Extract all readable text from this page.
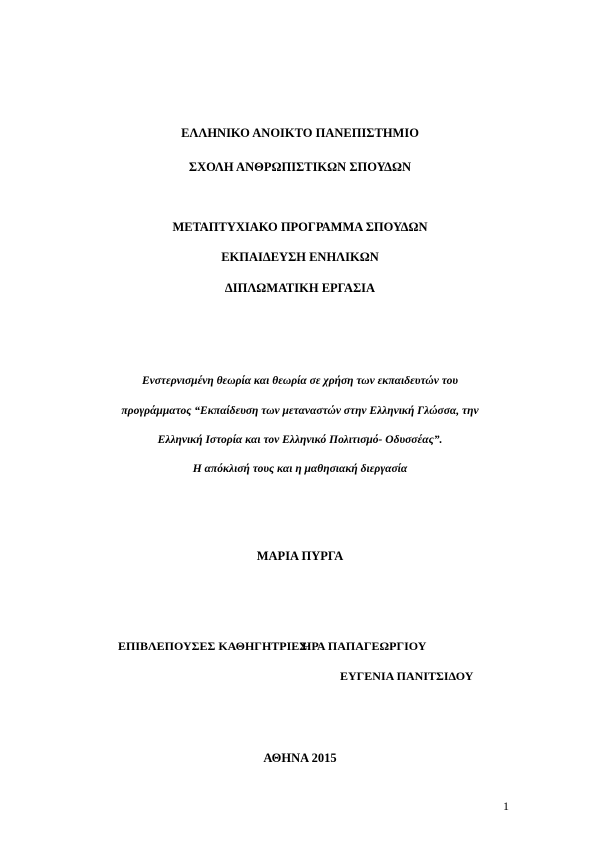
ΕΛΛΗΝΙΚΟ ΑΝΟΙΚΤΟ ΠΑΝΕΠΙΣΤΗΜΙΟ
ΣΧΟΛΗ ΑΝΘΡΩΠΙΣΤΙΚΩΝ ΣΠΟΥΔΩΝ
ΜΕΤΑΠΤΥΧΙΑΚΟ ΠΡΟΓΡΑΜΜΑ ΣΠΟΥΔΩΝ
ΕΚΠΑΙΔΕΥΣΗ ΕΝΗΛΙΚΩΝ
ΔΙΠΛΩΜΑΤΙΚΗ ΕΡΓΑΣΙΑ
Ενστερνισμένη θεωρία και θεωρία σε χρήση των εκπαιδευτών του
προγράμματος “Εκπαίδευση των μεταναστών στην Ελληνική Γλώσσα, την
Ελληνική Ιστορία και τον Ελληνικό Πολιτισμό- Οδυσσέας”.
Η απόκλισή τους και η μαθησιακή διεργασία
ΜΑΡΙΑ ΠΥΡΓΑ
ΕΠΙΒΛΕΠΟΥΣΕΣ ΚΑΘΗΓΗΤΡΙΕΣ:
ΗΡΑ ΠΑΠΑΓΕΩΡΓΙΟΥ
ΕΥΓΕΝΙΑ ΠΑΝΙΤΣΙΔΟΥ
ΑΘΗΝΑ 2015
1
